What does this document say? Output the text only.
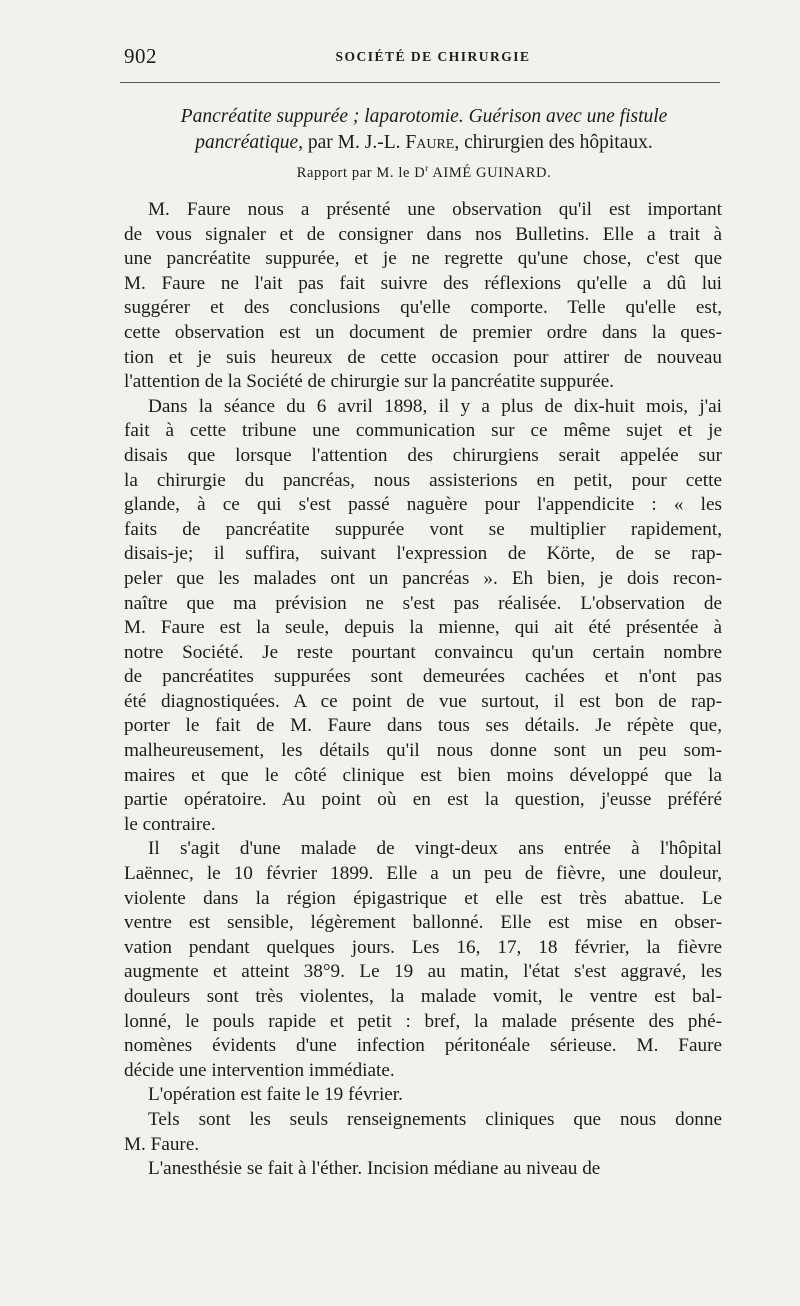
902	SOCIÉTÉ DE CHIRURGIE
Pancréatite suppurée ; laparotomie. Guérison avec une fistule
pancréatique, par M. J.-L. Faure, chirurgien des hôpitaux.
Rapport par M. le $D^r$ AIMÉ GUINARD.
M. Faure nous a présenté une observation qu'il est important
de vous signaler et de consigner dans nos Bulletins. Elle a trait à
une pancréatite suppurée, et je ne regrette qu'une chose, c'est que
M. Faure ne l'ait pas fait suivre des réflexions qu'elle a dû lui
suggérer et des conclusions qu'elle comporte. Telle qu'elle est,
cette observation est un document de premier ordre dans la ques-
tion et je suis heureux de cette occasion pour attirer de nouveau
l'attention de la Société de chirurgie sur la pancréatite suppurée.
Dans la séance du 6 avril 1898, il y a plus de dix-huit mois, j'ai
fait à cette tribune une communication sur ce même sujet et je
disais que lorsque l'attention des chirurgiens serait appelée sur
la chirurgie du pancréas, nous assisterions en petit, pour cette
glande, à ce qui s'est passé naguère pour l'appendicite : « les
faits de pancréatite suppurée vont se multiplier rapidement,
disais-je; il suffira, suivant l'expression de Körte, de se rap-
peler que les malades ont un pancréas ». Eh bien, je dois recon-
naître que ma prévision ne s'est pas réalisée. L'observation de
M. Faure est la seule, depuis la mienne, qui ait été présentée à
notre Société. Je reste pourtant convaincu qu'un certain nombre
de pancréatites suppurées sont demeurées cachées et n'ont pas
été diagnostiquées. A ce point de vue surtout, il est bon de rap-
porter le fait de M. Faure dans tous ses détails. Je répète que,
malheureusement, les détails qu'il nous donne sont un peu som-
maires et que le côté clinique est bien moins développé que la
partie opératoire. Au point où en est la question, j'eusse préféré
le contraire.
Il s'agit d'une malade de vingt-deux ans entrée à l'hôpital
Laënnec, le 10 février 1899. Elle a un peu de fièvre, une douleur,
violente dans la région épigastrique et elle est très abattue. Le
ventre est sensible, légèrement ballonné. Elle est mise en obser-
vation pendant quelques jours. Les 16, 17, 18 février, la fièvre
augmente et atteint 38°9. Le 19 au matin, l'état s'est aggravé, les
douleurs sont très violentes, la malade vomit, le ventre est bal-
lonné, le pouls rapide et petit : bref, la malade présente des phé-
nomènes évidents d'une infection péritonéale sérieuse. M. Faure
décide une intervention immédiate.
L'opération est faite le 19 février.
Tels sont les seuls renseignements cliniques que nous donne
M. Faure.
L'anesthésie se fait à l'éther. Incision médiane au niveau de
